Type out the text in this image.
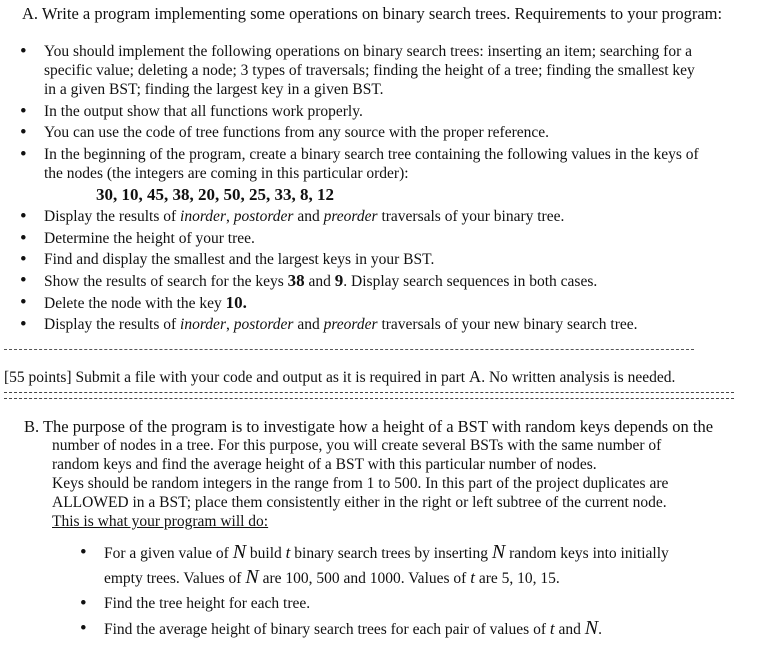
A. Write a program implementing some operations on binary search trees. Requirements to your program:
• You should implement the following operations on binary search trees: inserting an item; searching for a
specific value; deleting a node; 3 types of traversals; finding the height of a tree; finding the smallest key
in a given BST; finding the largest key in a given BST.
• In the output show that all functions work properly.
• You can use the code of tree functions from any source with the proper reference.
• In the beginning of the program, create a binary search tree containing the following values in the keys of
the nodes (the integers are coming in this particular order):
30, 10, 45, 38, 20, 50, 25, 33, 8, 12
• Display the results of inorder, postorder and preorder traversals of your binary tree.
• Determine the height of your tree.
• Find and display the smallest and the largest keys in your BST.
• Show the results of search for the keys 38 and 9. Display search sequences in both cases.
• Delete the node with the key 10.
• Display the results of inorder, postorder and preorder traversals of your new binary search tree.
[55 points] Submit a file with your code and output as it is required in part A. No written analysis is needed.
B. The purpose of the program is to investigate how a height of a BST with random keys depends on the
number of nodes in a tree. For this purpose, you will create several BSTs with the same number of
random keys and find the average height of a BST with this particular number of nodes.
Keys should be random integers in the range from 1 to 500. In this part of the project duplicates are
ALLOWED in a BST; place them consistently either in the right or left subtree of the current node.
This is what your program will do:
• For a given value of N build t binary search trees by inserting N random keys into initially
empty trees. Values of N are 100, 500 and 1000. Values of t are 5, 10, 15.
• Find the tree height for each tree.
• Find the average height of binary search trees for each pair of values of t and N.
